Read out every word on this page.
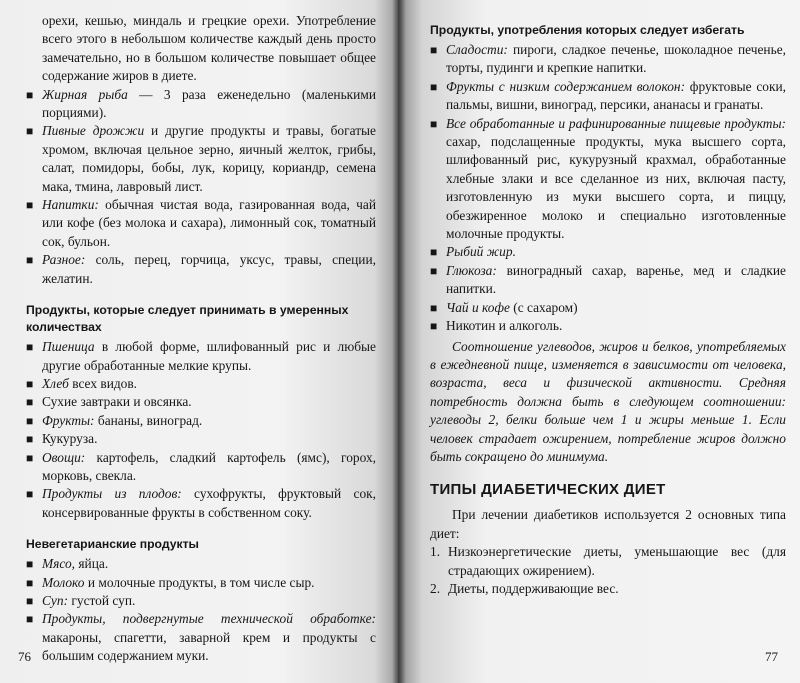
орехи, кешью, миндаль и грецкие орехи. Употребление всего этого в небольшом количестве каждый день просто замечательно, но в большом количестве повышает общее содержание жиров в диете.

■ Жирная рыба — 3 раза еженедельно (маленькими порциями).
■ Пивные дрожжи и другие продукты и травы, богатые хромом, включая цельное зерно, яичный желток, грибы, салат, помидоры, бобы, лук, корицу, кориандр, семена мака, тмина, лавровый лист.
■ Напитки: обычная чистая вода, газированная вода, чай или кофе (без молока и сахара), лимонный сок, томатный сок, бульон.
■ Разное: соль, перец, горчица, уксус, травы, специи, желатин.
Продукты, которые следует принимать в умеренных количествах
■ Пшеница в любой форме, шлифованный рис и любые другие обработанные мелкие крупы.
■ Хлеб всех видов.
■ Сухие завтраки и овсянка.
■ Фрукты: бананы, виноград.
■ Кукуруза.
■ Овощи: картофель, сладкий картофель (ямс), горох, морковь, свекла.
■ Продукты из плодов: сухофрукты, фруктовый сок, консервированные фрукты в собственном соку.
Невегетарианские продукты
■ Мясо, яйца.
■ Молоко и молочные продукты, в том числе сыр.
■ Суп: густой суп.
■ Продукты, подвергнутые технической обработке: макароны, спагетти, заварной крем и продукты с большим содержанием муки.
76
Продукты, употребления которых следует избегать
■ Сладости: пироги, сладкое печенье, шоколадное печенье, торты, пудинги и крепкие напитки.
■ Фрукты с низким содержанием волокон: фруктовые соки, пальмы, вишни, виноград, персики, ананасы и гранаты.
■ Все обработанные и рафинированные пищевые продукты: сахар, подслащенные продукты, мука высшего сорта, шлифованный рис, кукурузный крахмал, обработанные хлебные злаки и все сделанное из них, включая пасту, изготовленную из муки высшего сорта, и пиццу, обезжиренное молоко и специально изготовленные молочные продукты.
■ Рыбий жир.
■ Глюкоза: виноградный сахар, варенье, мед и сладкие напитки.
■ Чай и кофе (с сахаром)
■ Никотин и алкоголь.

Соотношение углеводов, жиров и белков, употребляемых в ежедневной пище, изменяется в зависимости от человека, возраста, веса и физической активности. Средняя потребность должна быть в следующем соотношении: углеводы 2, белки больше чем 1 и жиры меньше 1. Если человек страдает ожирением, потребление жиров должно быть сокращено до минимума.

ТИПЫ ДИАБЕТИЧЕСКИХ ДИЕТ

При лечении диабетиков используется 2 основных типа диет:

1. Низкоэнергетические диеты, уменьшающие вес (для страдающих ожирением).
2. Диеты, поддерживающие вес.
77
